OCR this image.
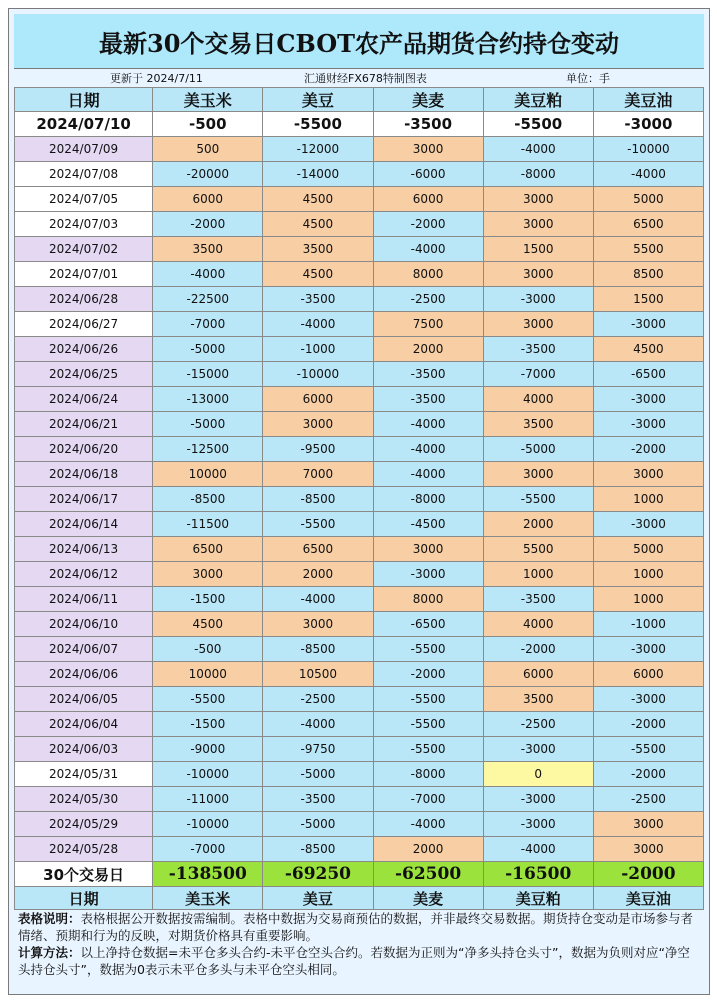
最新30个交易日CBOT农产品期货合约持仓变动
更新于 2024/7/11	汇通财经FX678特制图表	单位：手
日期	美玉米	美豆	美麦	美豆粕	美豆油
2024/07/10	-500	-5500	-3500	-5500	-3000
2024/07/09	500	-12000	3000	-4000	-10000
2024/07/08	-20000	-14000	-6000	-8000	-4000
2024/07/05	6000	4500	6000	3000	5000
2024/07/03	-2000	4500	-2000	3000	6500
2024/07/02	3500	3500	-4000	1500	5500
2024/07/01	-4000	4500	8000	3000	8500
2024/06/28	-22500	-3500	-2500	-3000	1500
2024/06/27	-7000	-4000	7500	3000	-3000
2024/06/26	-5000	-1000	2000	-3500	4500
2024/06/25	-15000	-10000	-3500	-7000	-6500
2024/06/24	-13000	6000	-3500	4000	-3000
2024/06/21	-5000	3000	-4000	3500	-3000
2024/06/20	-12500	-9500	-4000	-5000	-2000
2024/06/18	10000	7000	-4000	3000	3000
2024/06/17	-8500	-8500	-8000	-5500	1000
2024/06/14	-11500	-5500	-4500	2000	-3000
2024/06/13	6500	6500	3000	5500	5000
2024/06/12	3000	2000	-3000	1000	1000
2024/06/11	-1500	-4000	8000	-3500	1000
2024/06/10	4500	3000	-6500	4000	-1000
2024/06/07	-500	-8500	-5500	-2000	-3000
2024/06/06	10000	10500	-2000	6000	6000
2024/06/05	-5500	-2500	-5500	3500	-3000
2024/06/04	-1500	-4000	-5500	-2500	-2000
2024/06/03	-9000	-9750	-5500	-3000	-5500
2024/05/31	-10000	-5000	-8000	0	-2000
2024/05/30	-11000	-3500	-7000	-3000	-2500
2024/05/29	-10000	-5000	-4000	-3000	3000
2024/05/28	-7000	-8500	2000	-4000	3000
30个交易日	-138500	-69250	-62500	-16500	-2000
日期	美玉米	美豆	美麦	美豆粕	美豆油
表格说明：表格根据公开数据按需编制。表格中数据为交易商预估的数据，并非最终交易数据。期货持仓变动是市场参与者情绪、预期和行为的反映，对期货价格具有重要影响。
计算方法：以上净持仓数据=未平仓多头合约-未平仓空头合约。若数据为正则为“净多头持仓头寸”，数据为负则对应“净空头持仓头寸”，数据为0表示未平仓多头与未平仓空头相同。
